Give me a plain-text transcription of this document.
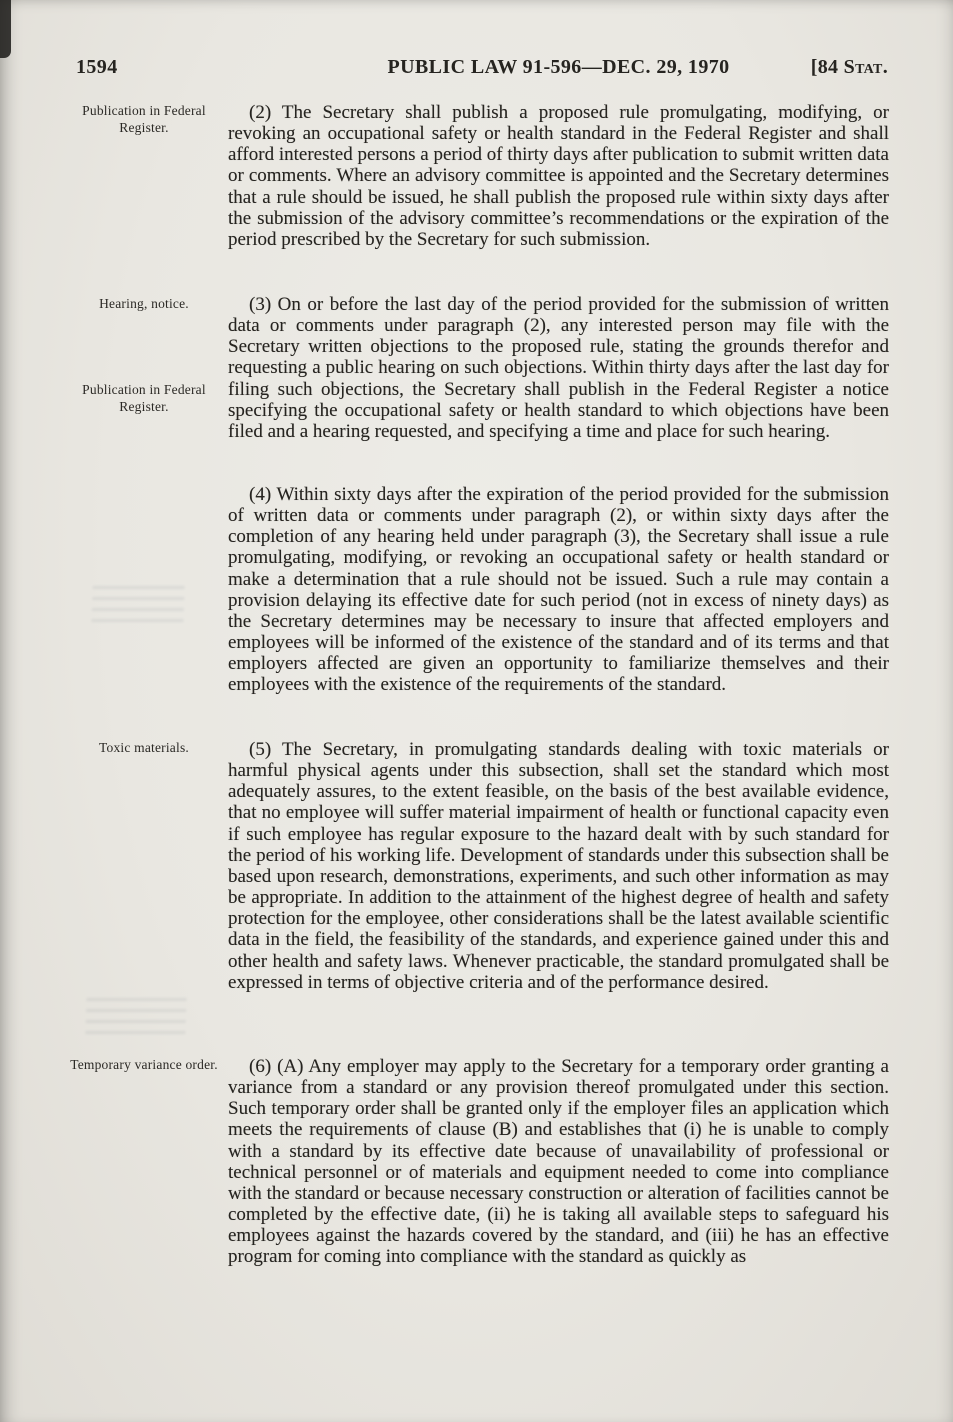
1594	PUBLIC LAW 91-596—DEC. 29, 1970	[84 Stat.
Publication in Federal Register.
Hearing, notice.
Publication in Federal Register.
Toxic materials.
Temporary variance order.

(2) The Secretary shall publish a proposed rule promulgating, modifying, or revoking an occupational safety or health standard in the Federal Register and shall afford interested persons a period of thirty days after publication to submit written data or comments. Where an advisory committee is appointed and the Secretary determines that a rule should be issued, he shall publish the proposed rule within sixty days after the submission of the advisory committee’s recommendations or the expiration of the period prescribed by the Secretary for such submission.

(3) On or before the last day of the period provided for the submission of written data or comments under paragraph (2), any interested person may file with the Secretary written objections to the proposed rule, stating the grounds therefor and requesting a public hearing on such objections. Within thirty days after the last day for filing such objections, the Secretary shall publish in the Federal Register a notice specifying the occupational safety or health standard to which objections have been filed and a hearing requested, and specifying a time and place for such hearing.

(4) Within sixty days after the expiration of the period provided for the submission of written data or comments under paragraph (2), or within sixty days after the completion of any hearing held under paragraph (3), the Secretary shall issue a rule promulgating, modifying, or revoking an occupational safety or health standard or make a determination that a rule should not be issued. Such a rule may contain a provision delaying its effective date for such period (not in excess of ninety days) as the Secretary determines may be necessary to insure that affected employers and employees will be informed of the existence of the standard and of its terms and that employers affected are given an opportunity to familiarize themselves and their employees with the existence of the requirements of the standard.

(5) The Secretary, in promulgating standards dealing with toxic materials or harmful physical agents under this subsection, shall set the standard which most adequately assures, to the extent feasible, on the basis of the best available evidence, that no employee will suffer material impairment of health or functional capacity even if such employee has regular exposure to the hazard dealt with by such standard for the period of his working life. Development of standards under this subsection shall be based upon research, demonstrations, experiments, and such other information as may be appropriate. In addition to the attainment of the highest degree of health and safety protection for the employee, other considerations shall be the latest available scientific data in the field, the feasibility of the standards, and experience gained under this and other health and safety laws. Whenever practicable, the standard promulgated shall be expressed in terms of objective criteria and of the performance desired.

(6) (A) Any employer may apply to the Secretary for a temporary order granting a variance from a standard or any provision thereof promulgated under this section. Such temporary order shall be granted only if the employer files an application which meets the requirements of clause (B) and establishes that (i) he is unable to comply with a standard by its effective date because of unavailability of professional or technical personnel or of materials and equipment needed to come into compliance with the standard or because necessary construction or alteration of facilities cannot be completed by the effective date, (ii) he is taking all available steps to safeguard his employees against the hazards covered by the standard, and (iii) he has an effective program for coming into compliance with the standard as quickly as
